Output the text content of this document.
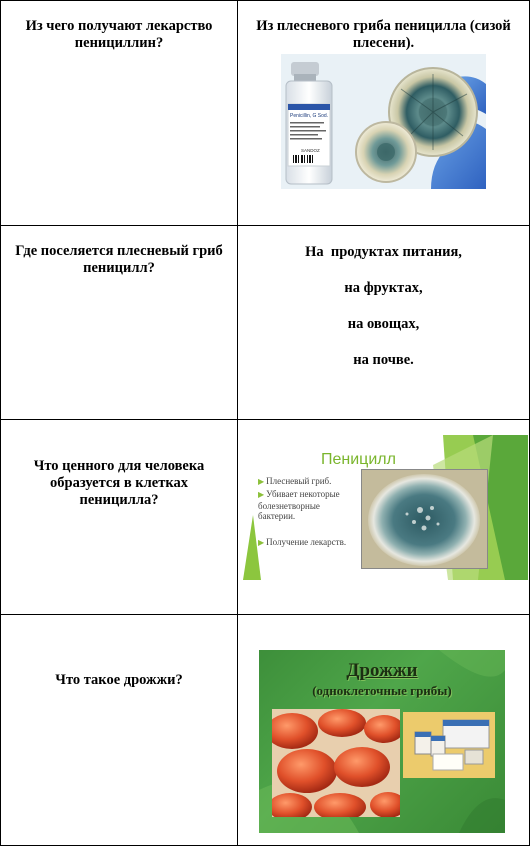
Из чего получают лекарство пенициллин?	Из плесневого гриба пеницилла (сизой плесени).
Penicillin, G Sod.
SANDOZ

Где поселяется плесневый гриб пеницилл?	На  продуктах питания,
на фруктах,
на овощах,
на почве.

Что ценного для человека образуется в клетках пеницилла?	Пеницилл
▶ Плесневый гриб.
▶ Убивает некоторые болезнетворные бактерии.
▶ Получение лекарств.

Что такое дрожжи?	Дрожжи
(одноклеточные грибы)
